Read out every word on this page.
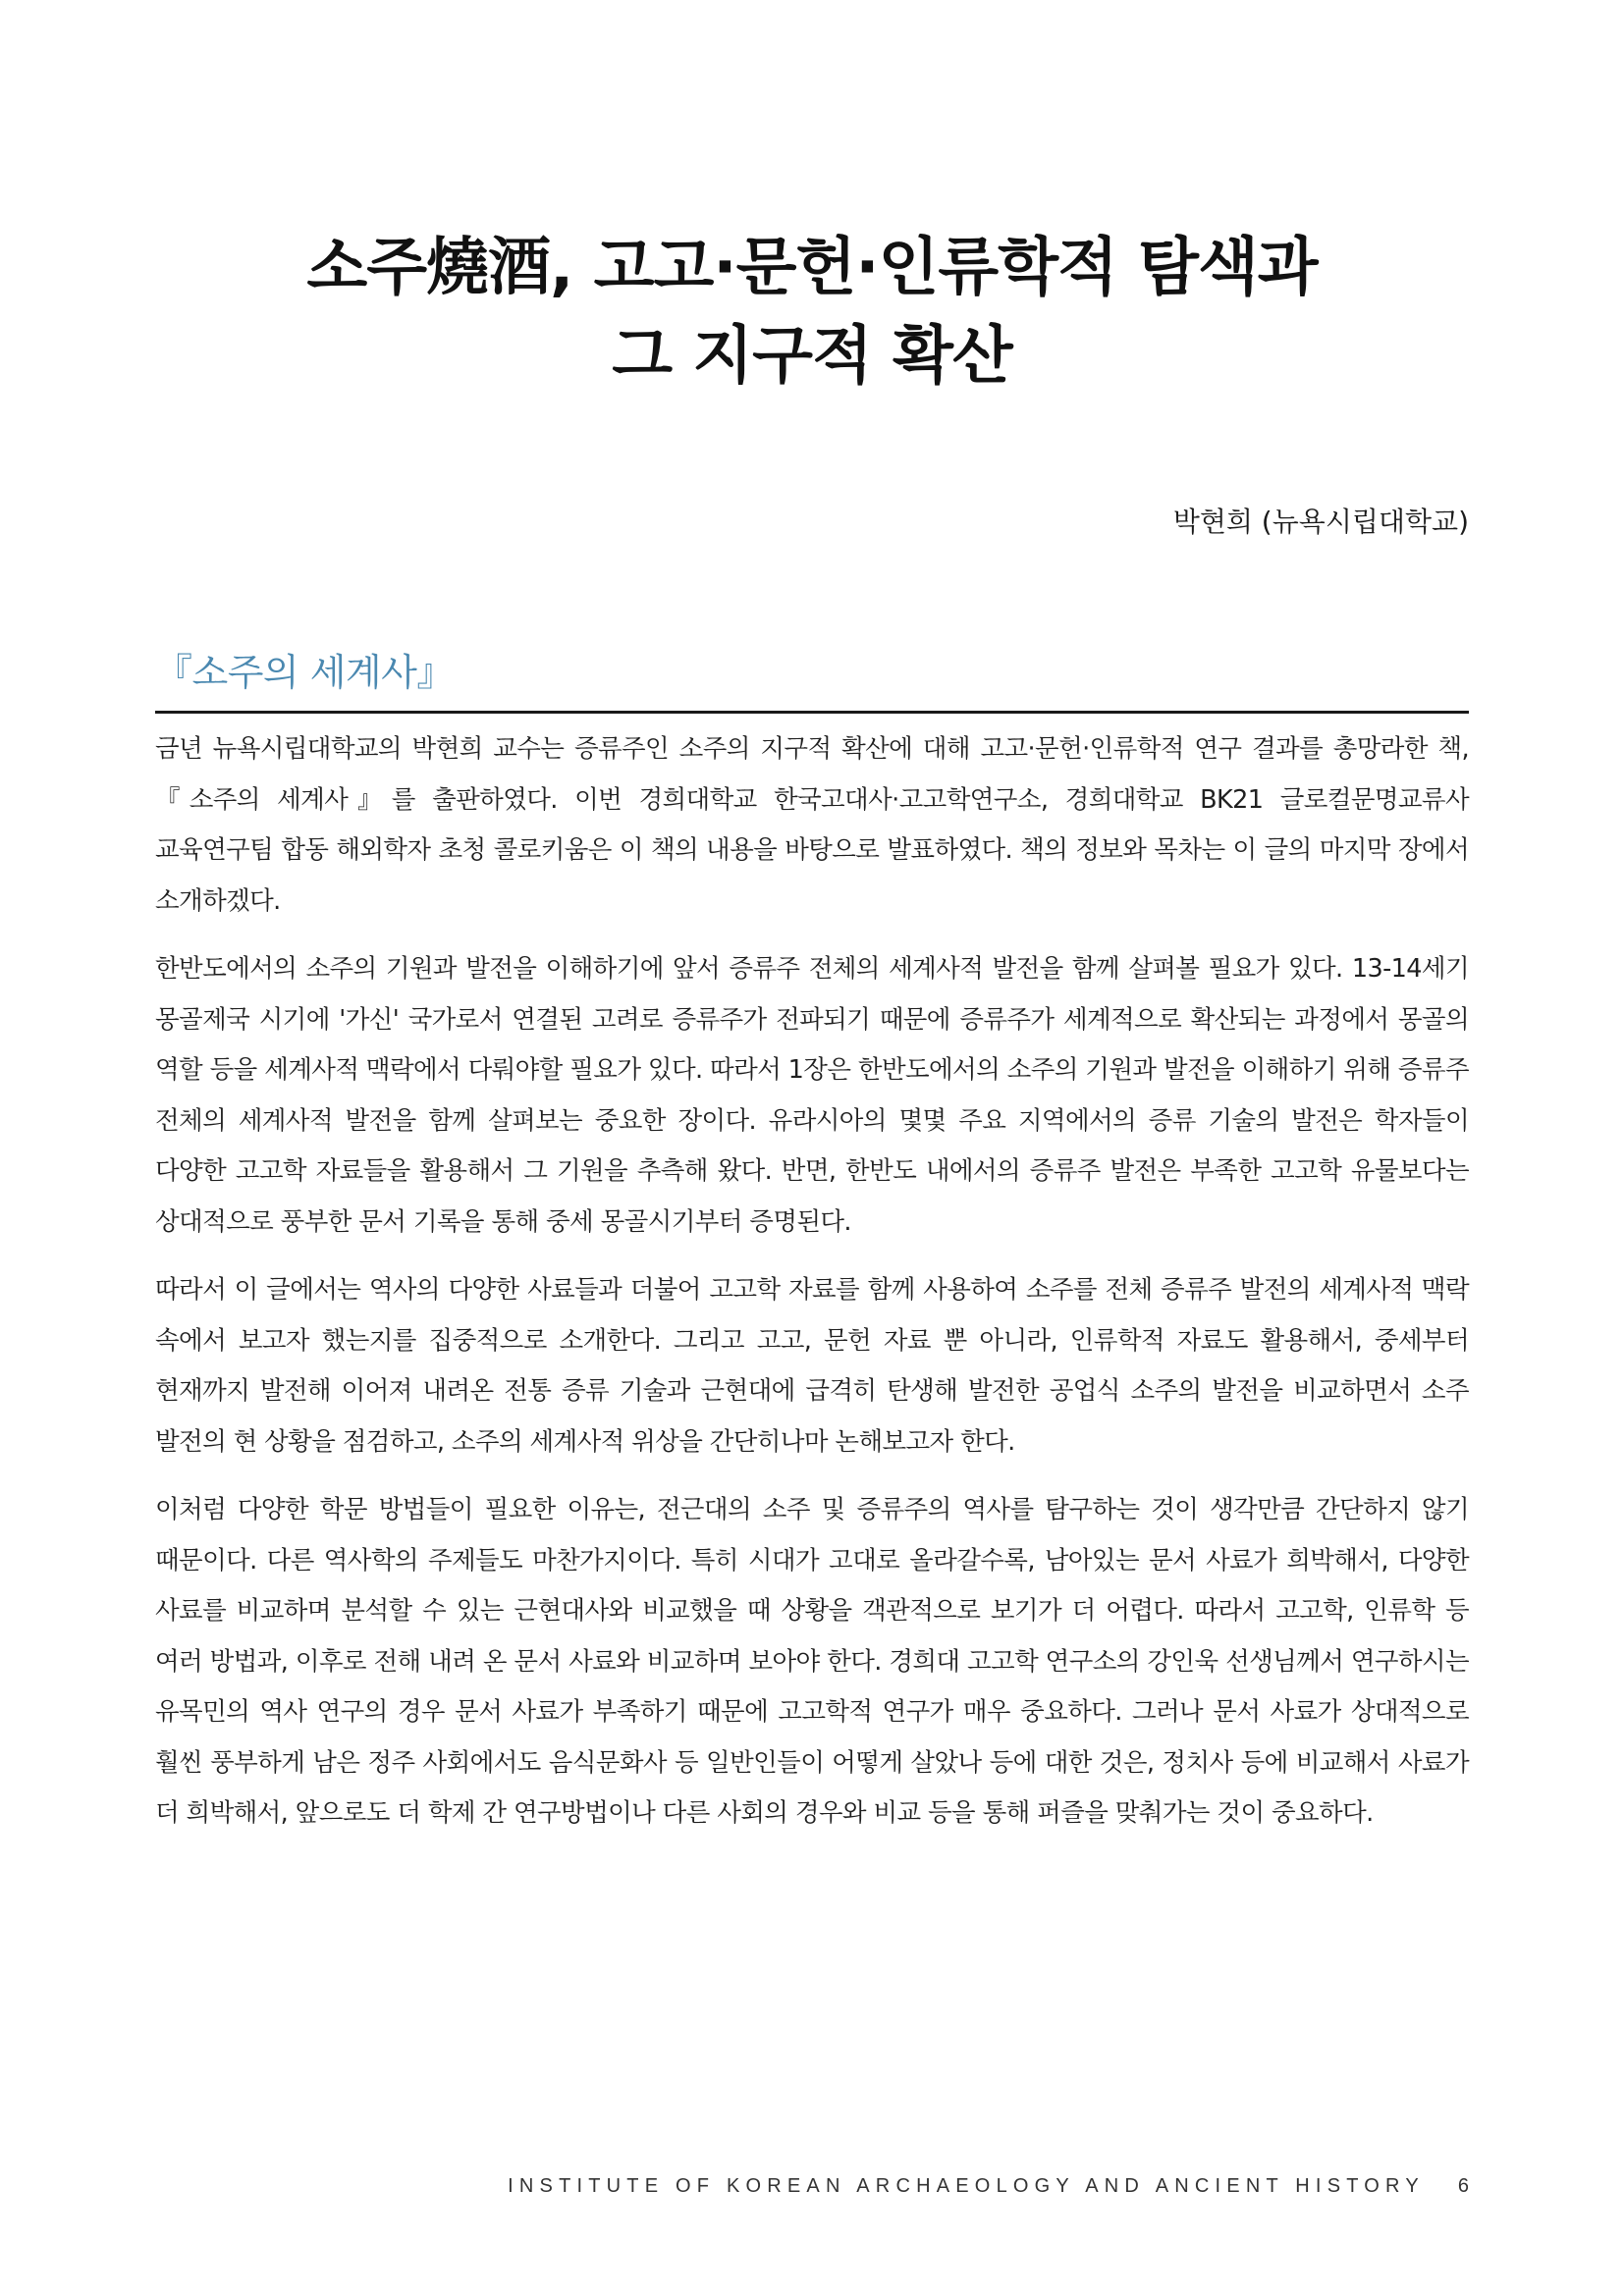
소주燒酒, 고고·문헌·인류학적 탐색과
그 지구적 확산
박현희 (뉴욕시립대학교)
『소주의 세계사』

금년 뉴욕시립대학교의 박현희 교수는 증류주인 소주의 지구적 확산에 대해 고고·문헌·인류학적 연구 결과를 총망라한 책, 『소주의 세계사』를 출판하였다. 이번 경희대학교 한국고대사·고고학연구소, 경희대학교 BK21 글로컬문명교류사 교육연구팀 합동 해외학자 초청 콜로키움은 이 책의 내용을 바탕으로 발표하였다. 책의 정보와 목차는 이 글의 마지막 장에서 소개하겠다.

한반도에서의 소주의 기원과 발전을 이해하기에 앞서 증류주 전체의 세계사적 발전을 함께 살펴볼 필요가 있다. 13-14세기 몽골제국 시기에 '가신' 국가로서 연결된 고려로 증류주가 전파되기 때문에 증류주가 세계적으로 확산되는 과정에서 몽골의 역할 등을 세계사적 맥락에서 다뤄야할 필요가 있다. 따라서 1장은 한반도에서의 소주의 기원과 발전을 이해하기 위해 증류주 전체의 세계사적 발전을 함께 살펴보는 중요한 장이다. 유라시아의 몇몇 주요 지역에서의 증류 기술의 발전은 학자들이 다양한 고고학 자료들을 활용해서 그 기원을 추측해 왔다. 반면, 한반도 내에서의 증류주 발전은 부족한 고고학 유물보다는 상대적으로 풍부한 문서 기록을 통해 중세 몽골시기부터 증명된다.

따라서 이 글에서는 역사의 다양한 사료들과 더불어 고고학 자료를 함께 사용하여 소주를 전체 증류주 발전의 세계사적 맥락 속에서 보고자 했는지를 집중적으로 소개한다. 그리고 고고, 문헌 자료 뿐 아니라, 인류학적 자료도 활용해서, 중세부터 현재까지 발전해 이어져 내려온 전통 증류 기술과 근현대에 급격히 탄생해 발전한 공업식 소주의 발전을 비교하면서 소주 발전의 현 상황을 점검하고, 소주의 세계사적 위상을 간단히나마 논해보고자 한다.

이처럼 다양한 학문 방법들이 필요한 이유는, 전근대의 소주 및 증류주의 역사를 탐구하는 것이 생각만큼 간단하지 않기 때문이다. 다른 역사학의 주제들도 마찬가지이다. 특히 시대가 고대로 올라갈수록, 남아있는 문서 사료가 희박해서, 다양한 사료를 비교하며 분석할 수 있는 근현대사와 비교했을 때 상황을 객관적으로 보기가 더 어렵다. 따라서 고고학, 인류학 등 여러 방법과, 이후로 전해 내려 온 문서 사료와 비교하며 보아야 한다. 경희대 고고학 연구소의 강인욱 선생님께서 연구하시는 유목민의 역사 연구의 경우 문서 사료가 부족하기 때문에 고고학적 연구가 매우 중요하다. 그러나 문서 사료가 상대적으로 훨씬 풍부하게 남은 정주 사회에서도 음식문화사 등 일반인들이 어떻게 살았나 등에 대한 것은, 정치사 등에 비교해서 사료가 더 희박해서, 앞으로도 더 학제 간 연구방법이나 다른 사회의 경우와 비교 등을 통해 퍼즐을 맞춰가는 것이 중요하다.

INSTITUTE OF KOREAN ARCHAEOLOGY AND ANCIENT HISTORY 6
